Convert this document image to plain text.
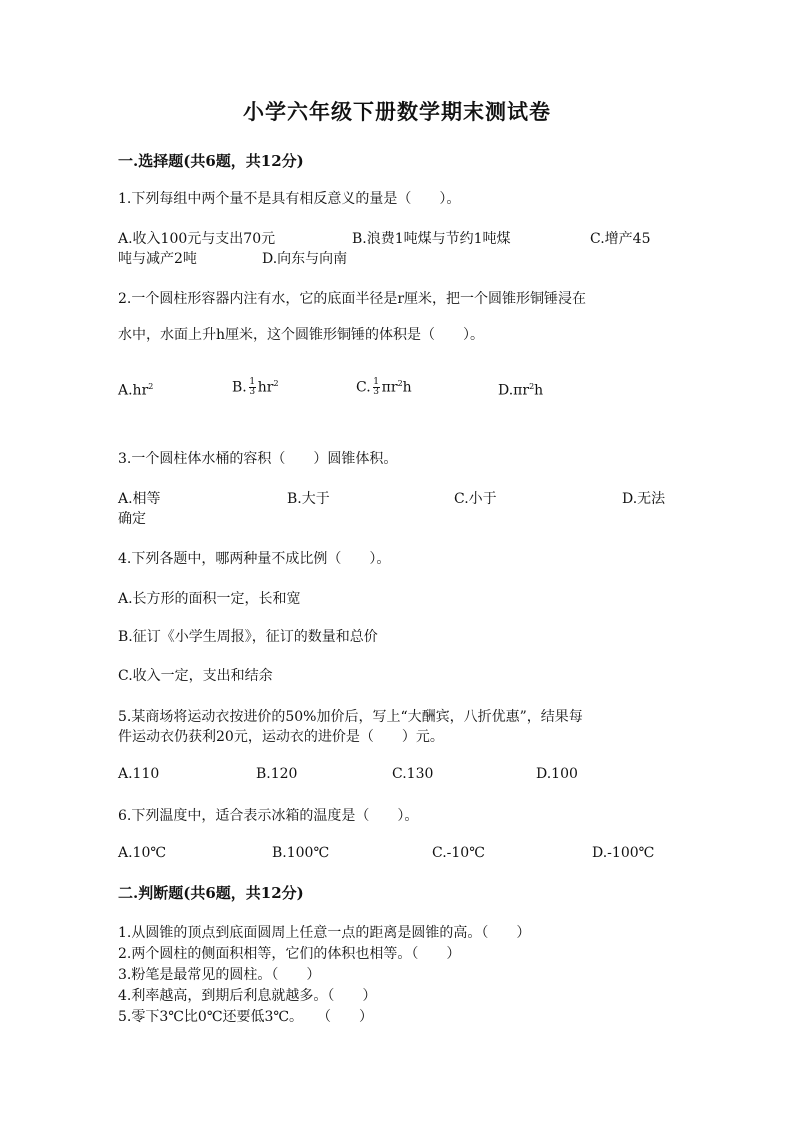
小学六年级下册数学期末测试卷
一.选择题(共6题，共12分)
1.下列每组中两个量不是具有相反意义的量是（　　）。
A.收入100元与支出70元	B.浪费1吨煤与节约1吨煤	C.增产45
吨与减产2吨	D.向东与向南
2.一个圆柱形容器内注有水，它的底面半径是r厘米，把一个圆锥形铜锤浸在
水中，水面上升h厘米，这个圆锥形铜锤的体积是（　　）。
$A.hr^2$	B. $\frac{1}{3} hr^2$	C. $\frac{1}{3} \pi r^2h$	$D.\pi r^2h$
3.一个圆柱体水桶的容积（　　）圆锥体积。
A.相等	B.大于	C.小于	D.无法
确定
4.下列各题中，哪两种量不成比例（　　）。
A.长方形的面积一定，长和宽
B.征订《小学生周报》，征订的数量和总价
C.收入一定，支出和结余
5.某商场将运动衣按进价的50%加价后，写上“大酬宾，八折优惠”，结果每
件运动衣仍获利20元，运动衣的进价是（　　）元。
A.110	B.120	C.130	D.100
6.下列温度中，适合表示冰箱的温度是（　　）。
A.10℃	B.100℃	C.-10℃	D.-100℃
二.判断题(共6题，共12分)
1.从圆锥的顶点到底面圆周上任意一点的距离是圆锥的高。（　　）
2.两个圆柱的侧面积相等，它们的体积也相等。（　　）
3.粉笔是最常见的圆柱。（　　）
4.利率越高，到期后利息就越多。（　　）
5.零下3℃比0℃还要低3℃。　　（　　）
